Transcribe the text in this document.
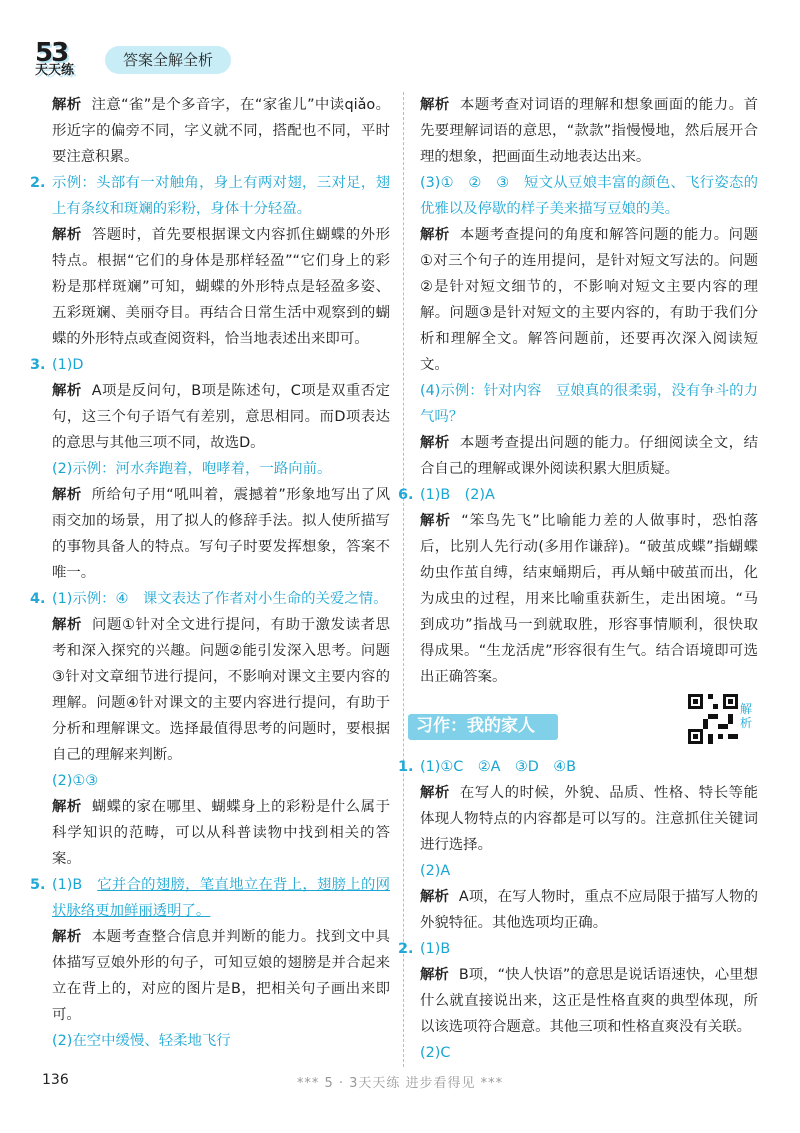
53
天天练
答案全解全析
解析 注意“雀”是个多音字，在“家雀儿”中读qiǎo。形近字的偏旁不同，字义就不同，搭配也不同，平时要注意积累。
2. 示例：头部有一对触角，身上有两对翅，三对足，翅上有条纹和斑斓的彩粉，身体十分轻盈。
解析 答题时，首先要根据课文内容抓住蝴蝶的外形特点。根据“它们的身体是那样轻盈”“它们身上的彩粉是那样斑斓”可知，蝴蝶的外形特点是轻盈多姿、五彩斑斓、美丽夺目。再结合日常生活中观察到的蝴蝶的外形特点或查阅资料，恰当地表述出来即可。
3. (1)D
解析 A项是反问句，B项是陈述句，C项是双重否定句，这三个句子语气有差别，意思相同。而D项表达的意思与其他三项不同，故选D。
(2)示例：河水奔跑着，咆哮着，一路向前。
解析 所给句子用“吼叫着，震撼着”形象地写出了风雨交加的场景，用了拟人的修辞手法。拟人使所描写的事物具备人的特点。写句子时要发挥想象，答案不唯一。
4. (1)示例：④　课文表达了作者对小生命的关爱之情。
解析 问题①针对全文进行提问，有助于激发读者思考和深入探究的兴趣。问题②能引发深入思考。问题③针对文章细节进行提问，不影响对课文主要内容的理解。问题④针对课文的主要内容进行提问，有助于分析和理解课文。选择最值得思考的问题时，要根据自己的理解来判断。
(2)①③
解析 蝴蝶的家在哪里、蝴蝶身上的彩粉是什么属于科学知识的范畴，可以从科普读物中找到相关的答案。
5. (1)B　它并合的翅膀，笔直地立在背上，翅膀上的网状脉络更加鲜丽透明了。
解析 本题考查整合信息并判断的能力。找到文中具体描写豆娘外形的句子，可知豆娘的翅膀是并合起来立在背上的，对应的图片是B，把相关句子画出来即可。
(2)在空中缓慢、轻柔地飞行
解析 本题考查对词语的理解和想象画面的能力。首先要理解词语的意思，“款款”指慢慢地，然后展开合理的想象，把画面生动地表达出来。
(3)①　②　③　短文从豆娘丰富的颜色、飞行姿态的优雅以及停歇的样子美来描写豆娘的美。
解析 本题考查提问的角度和解答问题的能力。问题①对三个句子的连用提问，是针对短文写法的。问题②是针对短文细节的，不影响对短文主要内容的理解。问题③是针对短文的主要内容的，有助于我们分析和理解全文。解答问题前，还要再次深入阅读短文。
(4)示例：针对内容　豆娘真的很柔弱，没有争斗的力气吗？
解析 本题考查提出问题的能力。仔细阅读全文，结合自己的理解或课外阅读积累大胆质疑。
6. (1)B　(2)A
解析 “笨鸟先飞”比喻能力差的人做事时，恐怕落后，比别人先行动(多用作谦辞)。“破茧成蝶”指蝴蝶幼虫作茧自缚，结束蛹期后，再从蛹中破茧而出，化为成虫的过程，用来比喻重获新生，走出困境。“马到成功”指战马一到就取胜，形容事情顺利，很快取得成果。“生龙活虎”形容很有生气。结合语境即可选出正确答案。
习作：我的家人
解析
1. (1)①C　②A　③D　④B
解析 在写人的时候，外貌、品质、性格、特长等能体现人物特点的内容都是可以写的。注意抓住关键词进行选择。
(2)A
解析 A项，在写人物时，重点不应局限于描写人物的外貌特征。其他选项均正确。
2. (1)B
解析 B项，“快人快语”的意思是说话语速快，心里想什么就直接说出来，这正是性格直爽的典型体现，所以该选项符合题意。其他三项和性格直爽没有关联。
(2)C
*** 5 · 3天天练 进步看得见 ***
136
